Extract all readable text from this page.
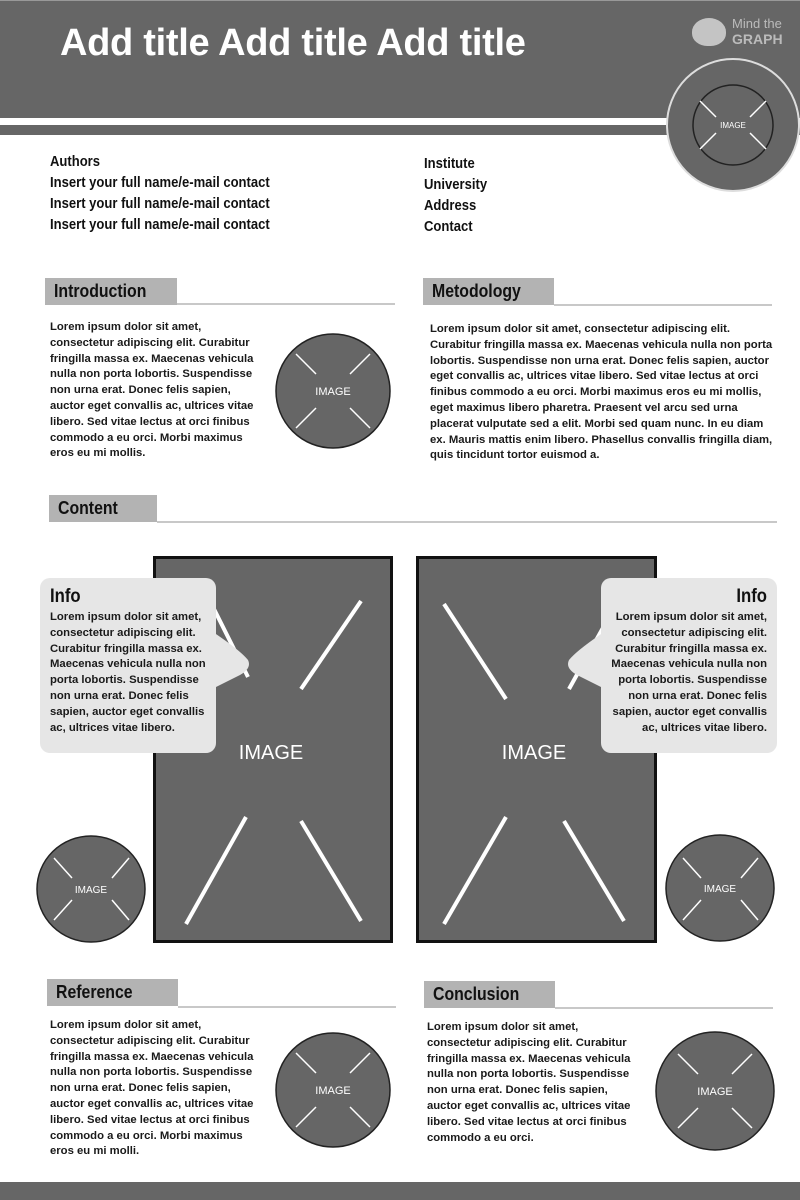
Add title Add title Add title	Mind the
GRAPH
IMAGE
Authors
Insert your full name/e-mail contact
Insert your full name/e-mail contact
Insert your full name/e-mail contact
Institute
University
Address
Contact
Introduction
Lorem ipsum dolor sit amet, consectetur adipiscing elit. Curabitur fringilla massa ex. Maecenas vehicula nulla non porta lobortis. Suspendisse non urna erat. Donec felis sapien, auctor eget convallis ac, ultrices vitae libero. Sed vitae lectus at orci finibus commodo a eu orci. Morbi maximus eros eu mi mollis.
IMAGE
Metodology
Lorem ipsum dolor sit amet, consectetur adipiscing elit. Curabitur fringilla massa ex. Maecenas vehicula nulla non porta lobortis. Suspendisse non urna erat. Donec felis sapien, auctor eget convallis ac, ultrices vitae libero. Sed vitae lectus at orci finibus commodo a eu orci. Morbi maximus eros eu mi mollis, eget maximus libero pharetra. Praesent vel arcu sed urna placerat vulputate sed a elit. Morbi sed quam nunc. In eu diam ex. Mauris mattis enim libero. Phasellus convallis fringilla diam, quis tincidunt tortor euismod a.
Content
IMAGE	IMAGE
Info
Lorem ipsum dolor sit amet, consectetur adipiscing elit. Curabitur fringilla massa ex. Maecenas vehicula nulla non porta lobortis. Suspendisse non urna erat. Donec felis sapien, auctor eget convallis ac, ultrices vitae libero.
Info
Lorem ipsum dolor sit amet, consectetur adipiscing elit. Curabitur fringilla massa ex. Maecenas vehicula nulla non porta lobortis. Suspendisse non urna erat. Donec felis sapien, auctor eget convallis ac, ultrices vitae libero.
IMAGE	IMAGE
Reference
Lorem ipsum dolor sit amet, consectetur adipiscing elit. Curabitur fringilla massa ex. Maecenas vehicula nulla non porta lobortis. Suspendisse non urna erat. Donec felis sapien, auctor eget convallis ac, ultrices vitae libero. Sed vitae lectus at orci finibus commodo a eu orci. Morbi maximus eros eu mi molli.
IMAGE
Conclusion
Lorem ipsum dolor sit amet, consectetur adipiscing elit. Curabitur fringilla massa ex. Maecenas vehicula nulla non porta lobortis. Suspendisse non urna erat. Donec felis sapien, auctor eget convallis ac, ultrices vitae libero. Sed vitae lectus at orci finibus commodo a eu orci.
IMAGE
